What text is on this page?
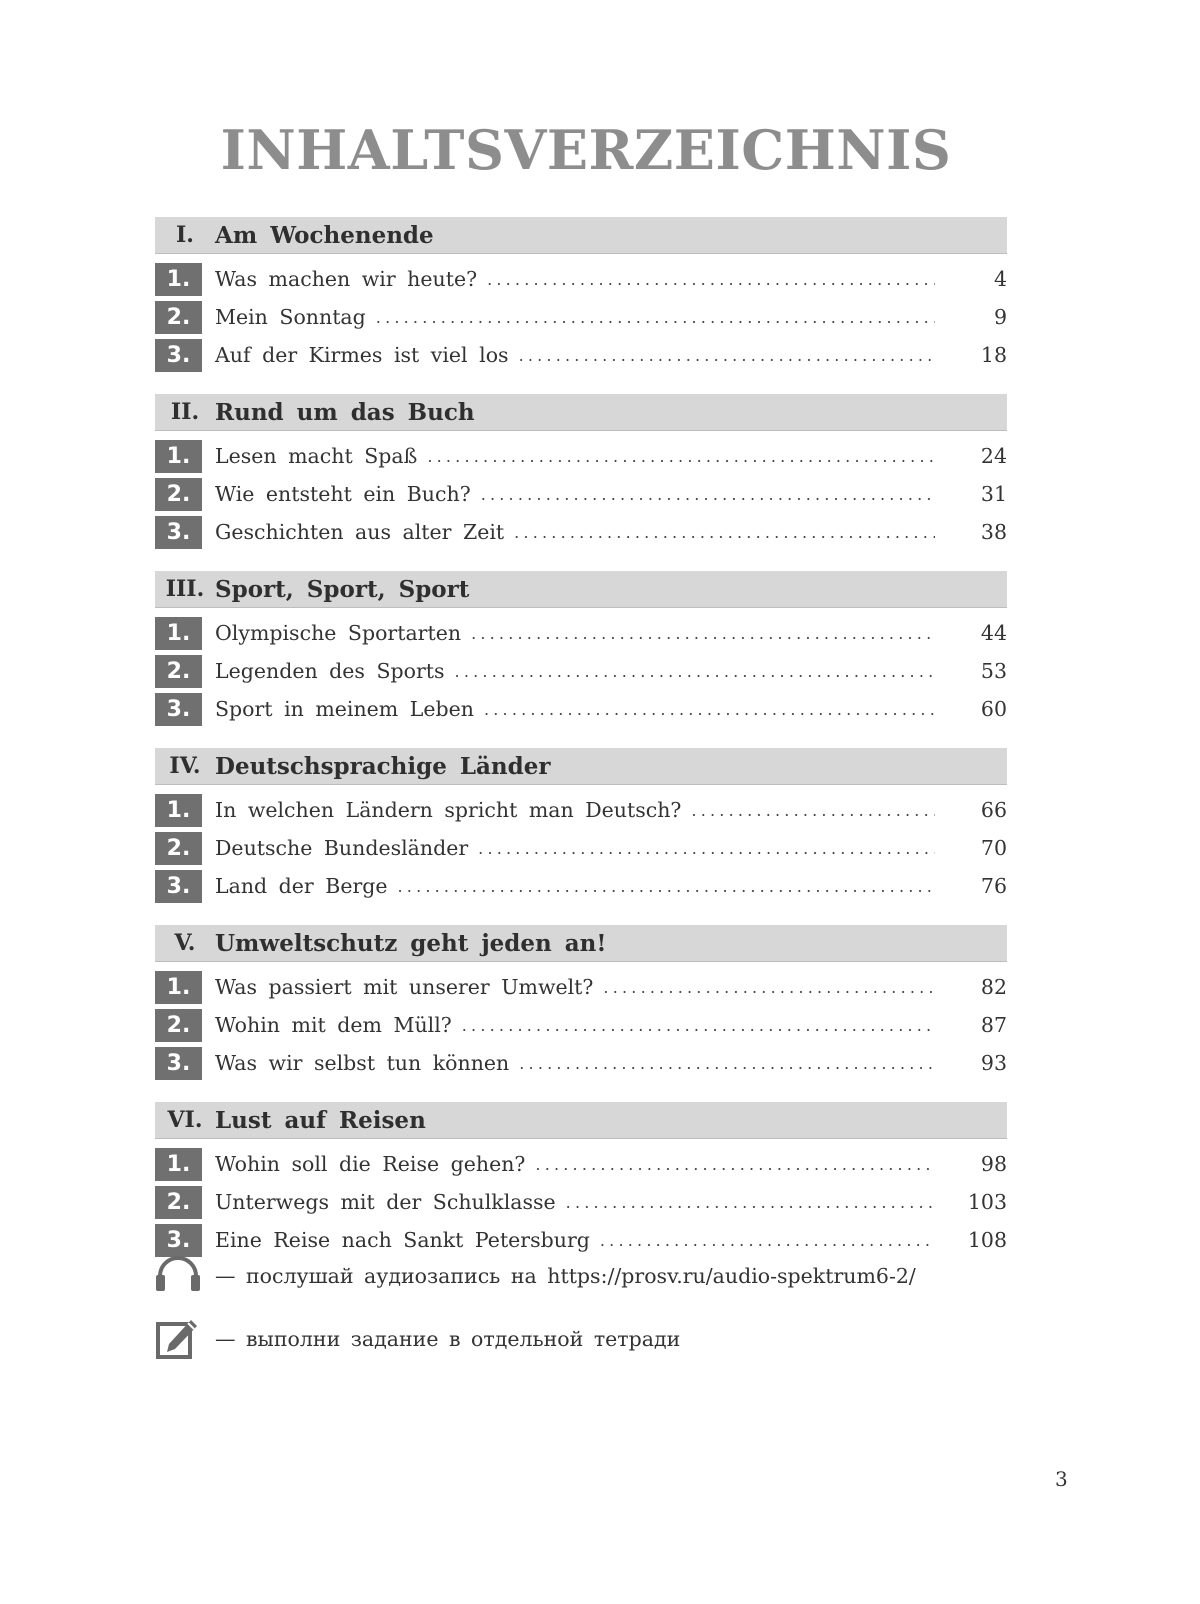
INHALTSVERZEICHNIS
I. Am Wochenende
1.	Was machen wir heute? .....	4
2.	Mein Sonntag .....	9
3.	Auf der Kirmes ist viel los .....	18
II. Rund um das Buch
1.	Lesen macht Spaß .....	24
2.	Wie entsteht ein Buch? .....	31
3.	Geschichten aus alter Zeit .....	38
III. Sport, Sport, Sport
1.	Olympische Sportarten .....	44
2.	Legenden des Sports .....	53
3.	Sport in meinem Leben .....	60
IV. Deutschsprachige Länder
1.	In welchen Ländern spricht man Deutsch? .....	66
2.	Deutsche Bundesländer .....	70
3.	Land der Berge .....	76
V. Umweltschutz geht jeden an!
1.	Was passiert mit unserer Umwelt? .....	82
2.	Wohin mit dem Müll? .....	87
3.	Was wir selbst tun können .....	93
VI. Lust auf Reisen
1.	Wohin soll die Reise gehen? .....	98
2.	Unterwegs mit der Schulklasse .....	103
3.	Eine Reise nach Sankt Petersburg .....	108
— послушай аудиозапись на https://prosv.ru/audio-spektrum6-2/
— выполни задание в отдельной тетради
3
